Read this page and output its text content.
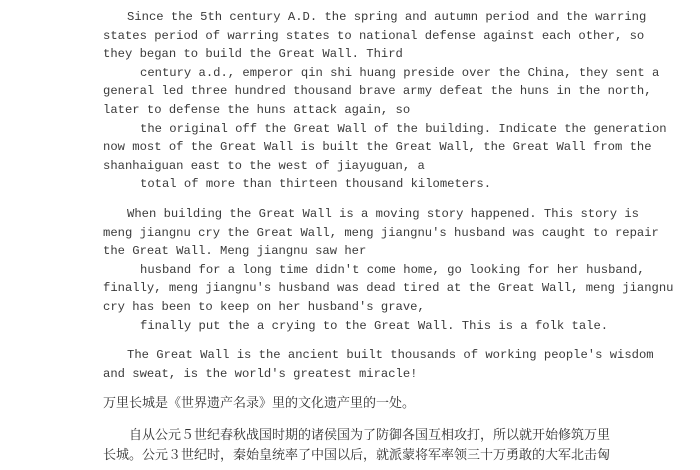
Since the 5th century A.D. the spring and autumn period and the warring
states period of warring states to national defense against each other, so
they began to build the Great Wall. Third
century a.d., emperor qin shi huang preside over the China, they sent a
general led three hundred thousand brave army defeat the huns in the north,
later to defense the huns attack again, so
the original off the Great Wall of the building. Indicate the generation
now most of the Great Wall is built the Great Wall, the Great Wall from the
shanhaiguan east to the west of jiayuguan, a
total of more than thirteen thousand kilometers.
When building the Great Wall is a moving story happened. This story is
meng jiangnu cry the Great Wall, meng jiangnu's husband was caught to repair
the Great Wall. Meng jiangnu saw her
husband for a long time didn't come home, go looking for her husband,
finally, meng jiangnu's husband was dead tired at the Great Wall, meng jiangnu
cry has been to keep on her husband's grave,
finally put the a crying to the Great Wall. This is a folk tale.
The Great Wall is the ancient built thousands of working people's wisdom
and sweat, is the world's greatest miracle!
万里长城是《世界遗产名录》里的文化遗产里的一处。
自从公元５世纪春秋战国时期的诸侯国为了防御各国互相攻打，所以就开始修筑万里
长城。公元３世纪时，秦始皇统率了中国以后，就派蒙将军率领三十万勇敢的大军北击匈
